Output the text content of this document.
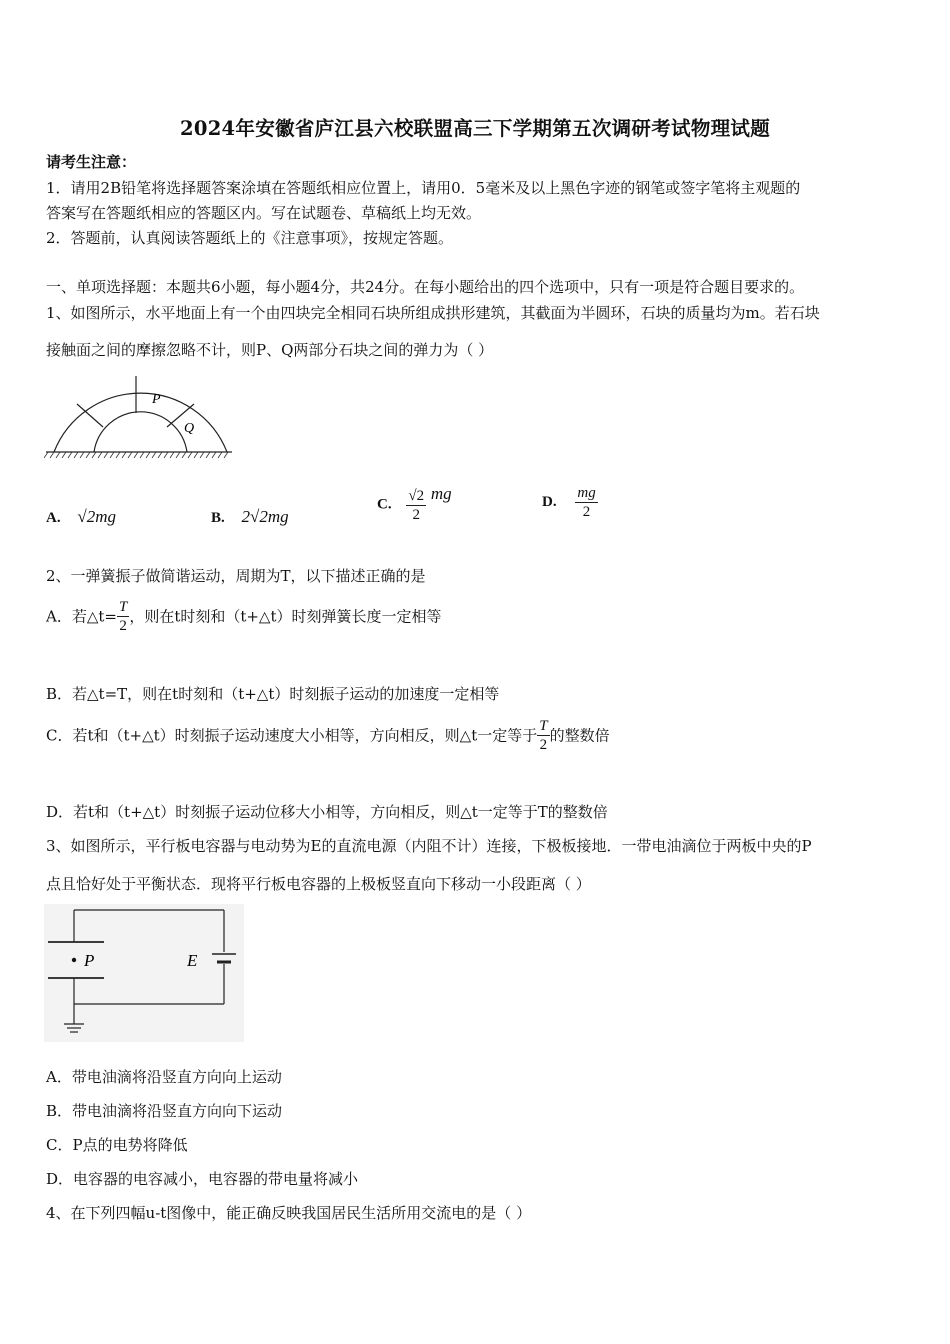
2024年安徽省庐江县六校联盟高三下学期第五次调研考试物理试题
请考生注意：
1．请用2B铅笔将选择题答案涂填在答题纸相应位置上，请用0．5毫米及以上黑色字迹的钢笔或签字笔将主观题的
答案写在答题纸相应的答题区内。写在试题卷、草稿纸上均无效。
2．答题前，认真阅读答题纸上的《注意事项》，按规定答题。
一、单项选择题：本题共6小题，每小题4分，共24分。在每小题给出的四个选项中，只有一项是符合题目要求的。
1、如图所示，水平地面上有一个由四块完全相同石块所组成拱形建筑，其截面为半圆环，石块的质量均为m。若石块
接触面之间的摩擦忽略不计，则P、Q两部分石块之间的弹力为（ ）
P
Q
A. √2mg	B. 2√2mg
C. $\frac{√2}{2}$ mg	D. $\frac{mg}{2}$
2、一弹簧振子做简谐运动，周期为T，以下描述正确的是
A．若△t= $\frac{T}{2}$ ，则在t时刻和（t+△t）时刻弹簧长度一定相等
B．若△t=T，则在t时刻和（t+△t）时刻振子运动的加速度一定相等
C．若t和（t+△t）时刻振子运动速度大小相等，方向相反，则△t一定等于 $\frac{T}{2}$ 的整数倍
D．若t和（t+△t）时刻振子运动位移大小相等，方向相反，则△t一定等于T的整数倍
3、如图所示，平行板电容器与电动势为E的直流电源（内阻不计）连接，下极板接地．一带电油滴位于两板中央的P
点且恰好处于平衡状态．现将平行板电容器的上极板竖直向下移动一小段距离（ ）
P	E
A．带电油滴将沿竖直方向向上运动
B．带电油滴将沿竖直方向向下运动
C．P点的电势将降低
D．电容器的电容减小，电容器的带电量将减小
4、在下列四幅u-t图像中，能正确反映我国居民生活所用交流电的是（ ）
